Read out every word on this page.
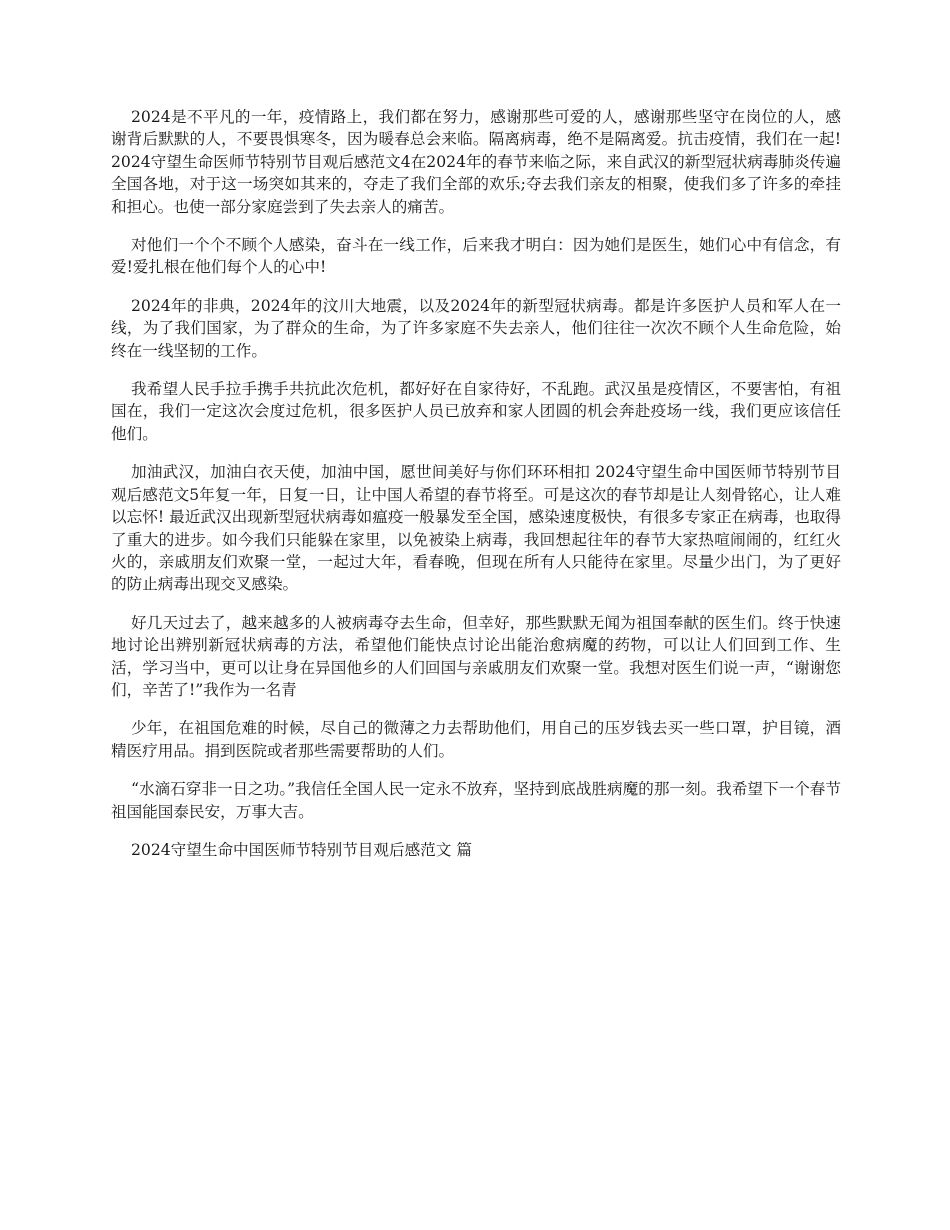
2024是不平凡的一年，疫情路上，我们都在努力，感谢那些可爱的人，感谢那些坚守在岗位的人，感谢背后默默的人，不要畏惧寒冬，因为暖春总会来临。隔离病毒，绝不是隔离爱。抗击疫情，我们在一起! 2024守望生命医师节特别节目观后感范文4在2024年的春节来临之际，来自武汉的新型冠状病毒肺炎传遍全国各地，对于这一场突如其来的，夺走了我们全部的欢乐;夺去我们亲友的相聚，使我们多了许多的牵挂和担心。也使一部分家庭尝到了失去亲人的痛苦。

对他们一个个不顾个人感染，奋斗在一线工作，后来我才明白：因为她们是医生，她们心中有信念，有爱!爱扎根在他们每个人的心中!

2024年的非典，2024年的汶川大地震，以及2024年的新型冠状病毒。都是许多医护人员和军人在一线，为了我们国家，为了群众的生命，为了许多家庭不失去亲人，他们往往一次次不顾个人生命危险，始终在一线坚韧的工作。

我希望人民手拉手携手共抗此次危机，都好好在自家待好，不乱跑。武汉虽是疫情区，不要害怕，有祖国在，我们一定这次会度过危机，很多医护人员已放弃和家人团圆的机会奔赴疫场一线，我们更应该信任他们。

加油武汉，加油白衣天使，加油中国，愿世间美好与你们环环相扣 2024守望生命中国医师节特别节目观后感范文5年复一年，日复一日，让中国人希望的春节将至。可是这次的春节却是让人刻骨铭心，让人难以忘怀! 最近武汉出现新型冠状病毒如瘟疫一般暴发至全国，感染速度极快，有很多专家正在病毒，也取得了重大的进步。如今我们只能躲在家里，以免被染上病毒，我回想起往年的春节大家热喧闹闹的，红红火火的，亲戚朋友们欢聚一堂，一起过大年，看春晚，但现在所有人只能待在家里。尽量少出门，为了更好的防止病毒出现交叉感染。

好几天过去了，越来越多的人被病毒夺去生命，但幸好，那些默默无闻为祖国奉献的医生们。终于快速地讨论出辨别新冠状病毒的方法，希望他们能快点讨论出能治愈病魔的药物，可以让人们回到工作、生活，学习当中，更可以让身在异国他乡的人们回国与亲戚朋友们欢聚一堂。我想对医生们说一声，“谢谢您们，辛苦了!”我作为一名青

少年，在祖国危难的时候，尽自己的微薄之力去帮助他们，用自己的压岁钱去买一些口罩，护目镜，酒精医疗用品。捐到医院或者那些需要帮助的人们。

“水滴石穿非一日之功。”我信任全国人民一定永不放弃，坚持到底战胜病魔的那一刻。我希望下一个春节祖国能国泰民安，万事大吉。

2024守望生命中国医师节特别节目观后感范文 篇
